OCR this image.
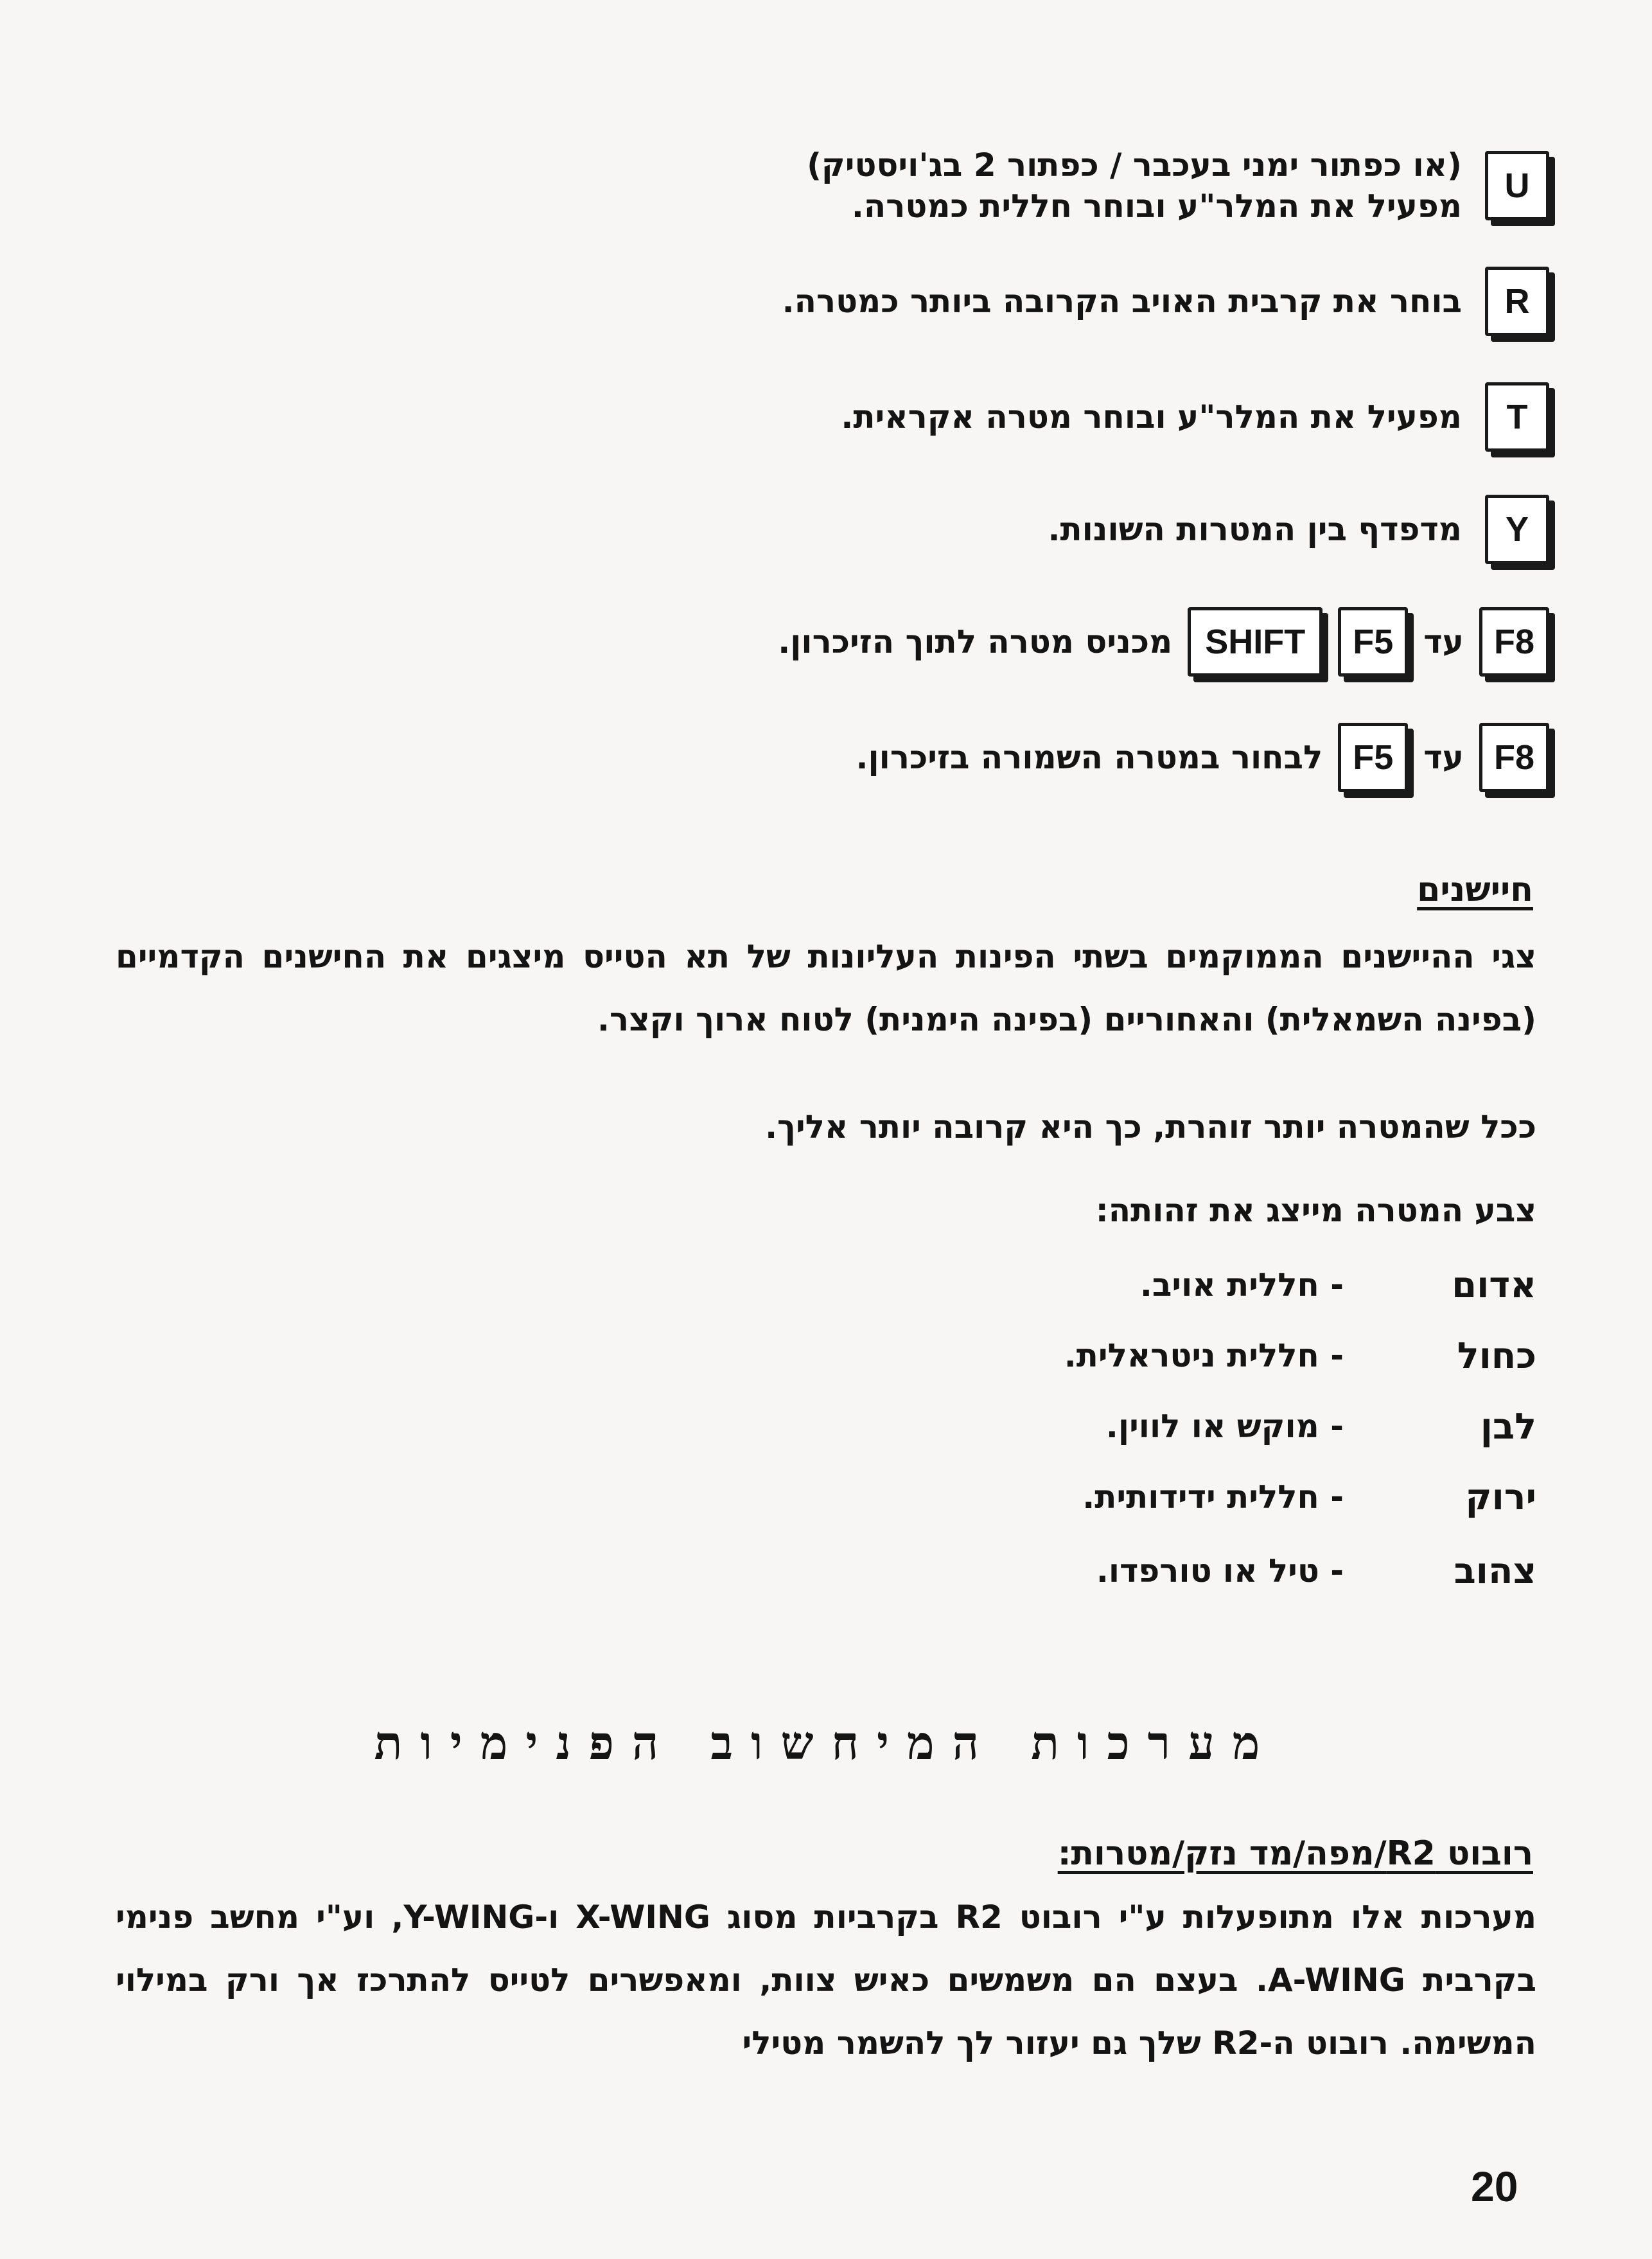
U
(או כפתור ימני בעכבר / כפתור 2 בג'ויסטיק)
מפעיל את המלר"ע ובוחר חללית כמטרה.
R
בוחר את קרבית האויב הקרובה ביותר כמטרה.
T
מפעיל את המלר"ע ובוחר מטרה אקראית.
Y
מדפדף בין המטרות השונות.
F8
עד
F5
SHIFT
מכניס מטרה לתוך הזיכרון.
F8
עד
F5
לבחור במטרה השמורה בזיכרון.
חיישנים
צגי ההיישנים הממוקמים בשתי הפינות העליונות של תא הטייס מיצגים את החישנים הקדמיים (בפינה השמאלית) והאחוריים (בפינה הימנית) לטוח ארוך וקצר.
ככל שהמטרה יותר זוהרת, כך היא קרובה יותר אליך.
צבע המטרה מייצג את זהותה:
אדום
- חללית אויב.
כחול
- חללית ניטראלית.
לבן
- מוקש או לווין.
ירוק
- חללית ידידותית.
צהוב
- טיל או טורפדו.
מערכות המיחשוב הפנימיות
רובוט R2/מפה/מד נזק/מטרות:
מערכות אלו מתופעלות ע"י רובוט R2 בקרביות מסוג X-WING ו-Y-WING, וע"י מחשב פנימי בקרבית A-WING. בעצם הם משמשים כאיש צוות, ומאפשרים לטייס להתרכז אך ורק במילוי המשימה. רובוט ה-R2 שלך גם יעזור לך להשמר מטילי
20
